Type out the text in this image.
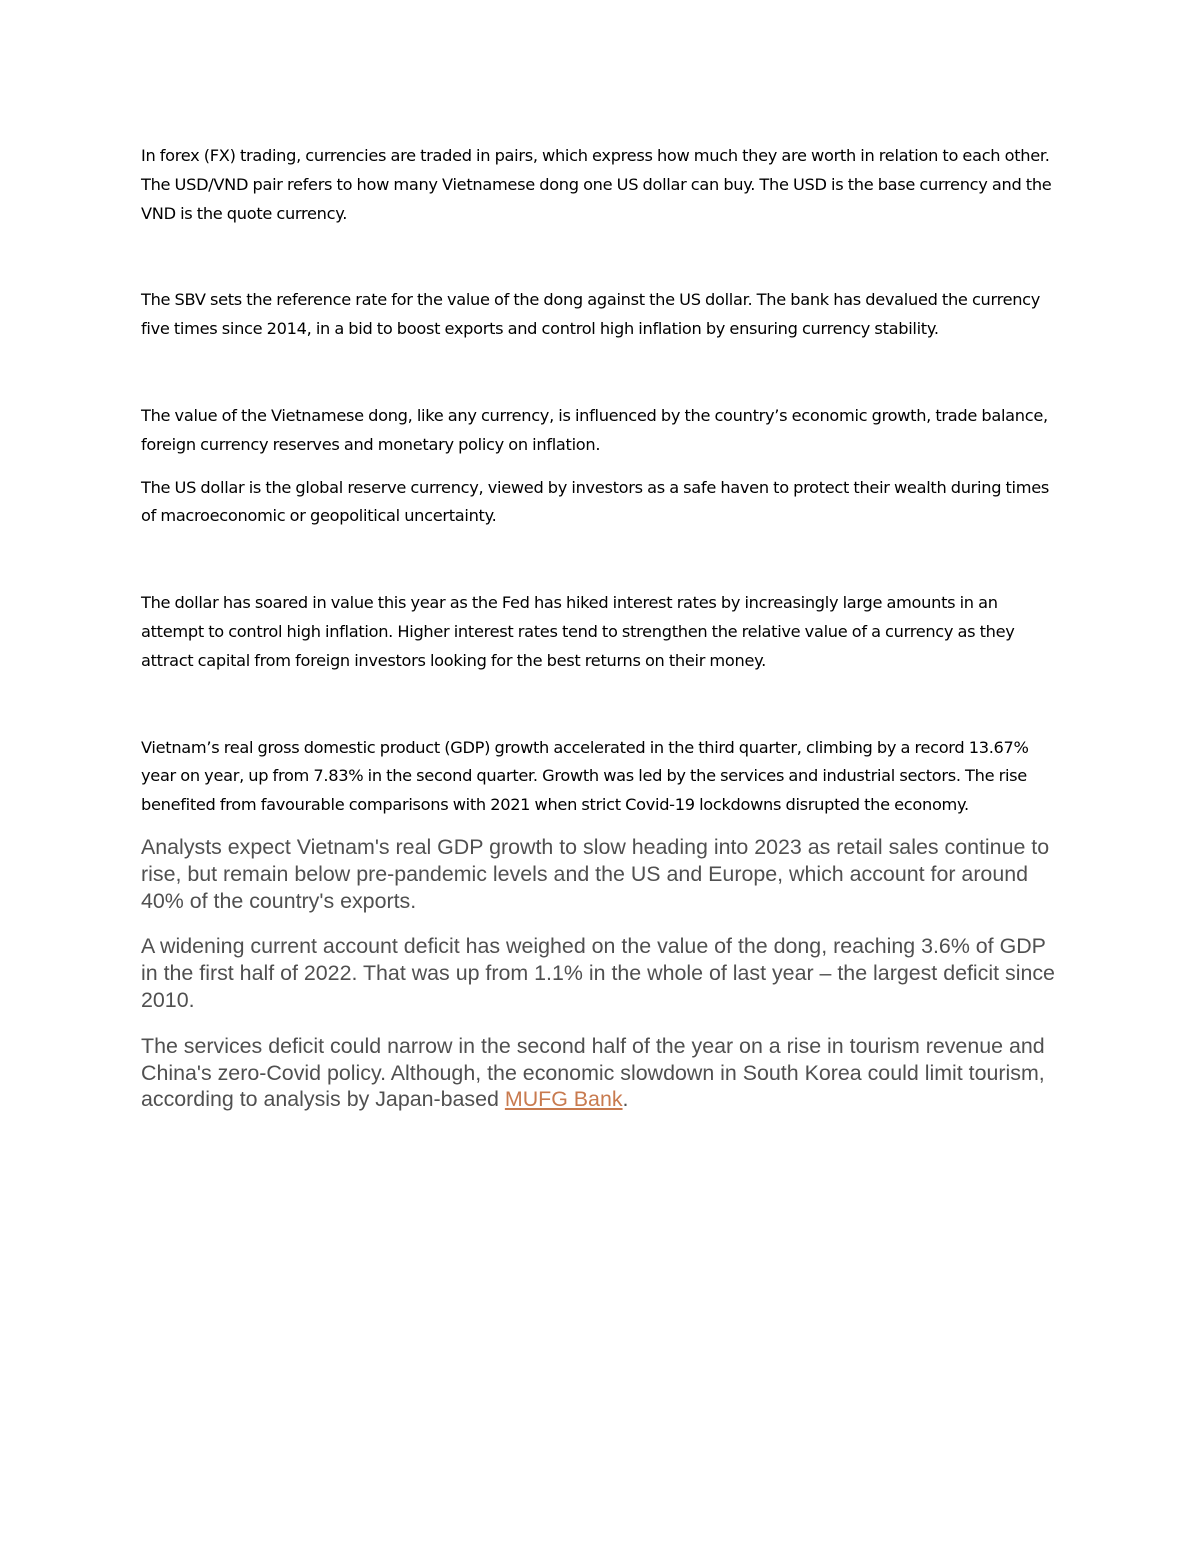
In forex (FX) trading, currencies are traded in pairs, which express how much they are worth in relation to each other. The USD/VND pair refers to how many Vietnamese dong one US dollar can buy. The USD is the base currency and the VND is the quote currency.

The SBV sets the reference rate for the value of the dong against the US dollar. The bank has devalued the currency five times since 2014, in a bid to boost exports and control high inflation by ensuring currency stability.

The value of the Vietnamese dong, like any currency, is influenced by the country’s economic growth, trade balance, foreign currency reserves and monetary policy on inflation.

The US dollar is the global reserve currency, viewed by investors as a safe haven to protect their wealth during times of macroeconomic or geopolitical uncertainty.

The dollar has soared in value this year as the Fed has hiked interest rates by increasingly large amounts in an attempt to control high inflation. Higher interest rates tend to strengthen the relative value of a currency as they attract capital from foreign investors looking for the best returns on their money.

Vietnam’s real gross domestic product (GDP) growth accelerated in the third quarter, climbing by a record 13.67% year on year, up from 7.83% in the second quarter. Growth was led by the services and industrial sectors. The rise benefited from favourable comparisons with 2021 when strict Covid-19 lockdowns disrupted the economy.

Analysts expect Vietnam's real GDP growth to slow heading into 2023 as retail sales continue to rise, but remain below pre-pandemic levels and the US and Europe, which account for around 40% of the country's exports.

A widening current account deficit has weighed on the value of the dong, reaching 3.6% of GDP in the first half of 2022. That was up from 1.1% in the whole of last year – the largest deficit since 2010.

The services deficit could narrow in the second half of the year on a rise in tourism revenue and China's zero-Covid policy. Although, the economic slowdown in South Korea could limit tourism, according to analysis by Japan-based MUFG Bank.
